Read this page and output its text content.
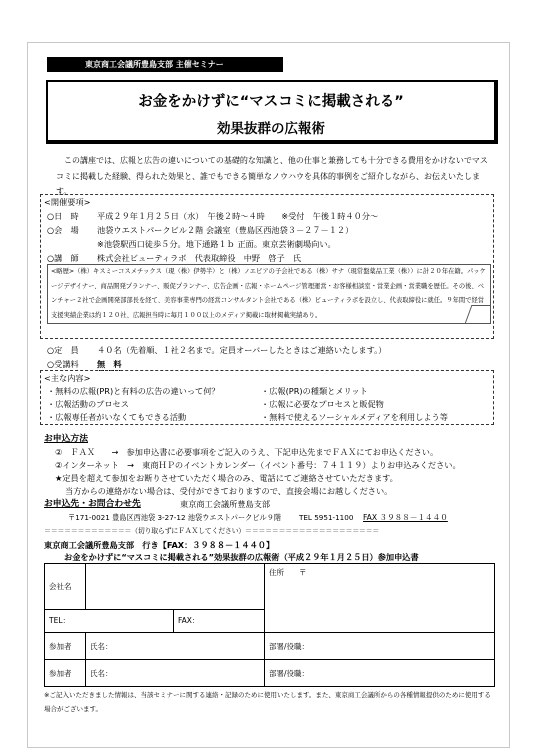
東京商工会議所豊島支部 主催セミナー
お金をかけずに“マスコミに掲載される”
効果抜群の広報術
この講座では、広報と広告の違いについての基礎的な知識と、他の仕事と兼務しても十分できる費用をかけないでマスコミに掲載した経験、得られた効果と、誰でもできる簡単なノウハウを具体的事例をご紹介しながら、お伝えいたします。
<開催要項>
○日　時 平成２９年１月２５日（水）　午後２時～４時　　※受付　午後１時４０分～
○会　場 池袋ウエストパークビル２階 会議室（豊島区西池袋３－２７－１２）
※池袋駅西口徒歩５分。地下通路１ｂ 正面。東京芸術劇場向い。
○講　師 株式会社ビューティラボ　代表取締役　中野　啓子　氏
<略歴>（株）キスミーコスメチックス（現（株）伊勢半）と（株）ノエビアの子会社である（株）サナ（現常盤薬品工業（株））に計２０年在籍。パッケージデザイナー、商品開発プランナー、販促プランナー、広告企画・広報・ホームページ管理運営・お客様相談室・営業企画・営業職を歴任。その後、ベンチャー２社で企画開発部部長を経て、美容事業専門の経営コンサルタント会社である（株）ビューティラボを設立し、代表取締役に就任。９年間で経営支援実績企業は約１２０社、広報担当時に毎月１００以上のメディア掲載に取材掲載実績あり。
○定　員 ４０名（先着順、１社２名まで。定員オーバーしたときはご連絡いたします。）
○受講料 無　料
<主な内容>
・無料の広報(PR)と有料の広告の違いって何？	・広報(PR)の種類とメリット
・広報活動のプロセス	・広報に必要なプロセスと販促物
・広報専任者がいなくてもできる活動	・無料で使えるソーシャルメディアを利用しよう等
お申込方法
②　ＦＡＸ　　→　参加申込書に必要事項をご記入のうえ、下記申込先までＦＡＸにてお申込ください。
②インターネット　→　東商ＨＰのイベントカレンダー（イベント番号：７４１１９）よりお申込みください。
★定員を超えて参加をお断りさせていただく場合のみ、電話にてご連絡させていただきます。
当方からの連絡がない場合は、受付ができておりますので、直接会場にお越しください。
お申込先・お問合わせ先	東京商工会議所豊島支部
〒171-0021 豊島区西池袋 3-27-12 池袋ウエストパークビル９階 TEL 5951-1100 FAX ３９８８－１４４０
＝＝＝＝＝＝＝＝＝＝＝＝＝（切り取らずにＦＡＸしてください）＝＝＝＝＝＝＝＝＝＝＝＝＝＝＝＝＝＝＝＝
東京商工会議所豊島支部　行き【FAX：３９８８－１４４０】
お金をかけずに“マスコミに掲載される”効果抜群の広報術（平成２９年１月２５日）参加申込書
会社名		住所　　〒

TEL： FAX：		

参加者	氏名：	部署/役職：
参加者	氏名：	部署/役職：
※ご記入いただきました情報は、当該セミナーに関する連絡・記録のために使用いたします。また、東京商工会議所からの各種情報提供のために使用する場合がございます。
